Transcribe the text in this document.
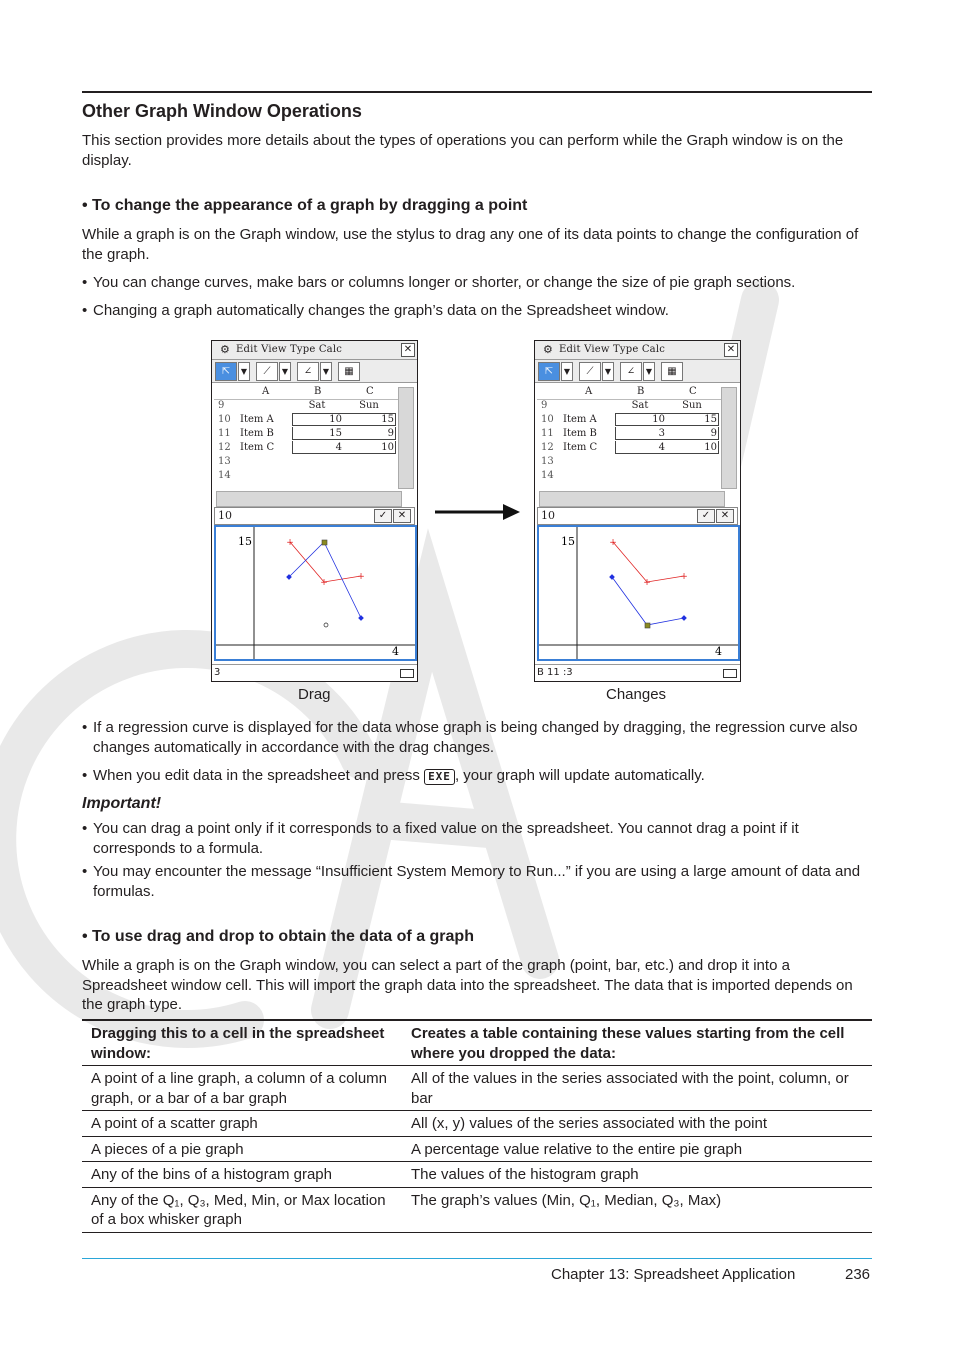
Other Graph Window Operations

This section provides more details about the types of operations you can perform while the Graph window is on the display.

• To change the appearance of a graph by dragging a point

While a graph is on the Graph window, use the stylus to drag any one of its data points to change the configuration of the graph.

• You can change curves, make bars or columns longer or shorter, or change the size of pie graph sections.
• Changing a graph automatically changes the graph’s data on the Spreadsheet window.
⚙ Edit View Type Calc	✕
⇱	▼	⟋	▼	∠	▼	▦
A	B	C
9	Sat	Sun
10 Item A	10	15
11 Item B	15	9
12 Item C	4	10
13
14
10	✓	✕
15
4
+
+
+
3
Drag
⚙ Edit View Type Calc	✕
⇱	▼	⟋	▼	∠	▼	▦
A	B	C
9	Sat	Sun
10 Item A	10	15
11 Item B	3	9
12 Item C	4	10
13
14
10	✓	✕
15
4
+
+
+
B 11 :3
Changes
• If a regression curve is displayed for the data whose graph is being changed by dragging, the regression curve also changes automatically in accordance with the drag changes.
• When you edit data in the spreadsheet and press EXE , your graph will update automatically.
Important!
• You can drag a point only if it corresponds to a fixed value on the spreadsheet. You cannot drag a point if it corresponds to a formula.
• You may encounter the message “Insufficient System Memory to Run...” if you are using a large amount of data and formulas.
• To use drag and drop to obtain the data of a graph

While a graph is on the Graph window, you can select a part of the graph (point, bar, etc.) and drop it into a Spreadsheet window cell. This will import the graph data into the spreadsheet. The data that is imported depends on the graph type.

Dragging this to a cell in the spreadsheet window:	Creates a table containing these values starting from the cell where you dropped the data:
A point of a line graph, a column of a column graph, or a bar of a bar graph	All of the values in the series associated with the point, column, or bar
A point of a scatter graph	All (x, y) values of the series associated with the point
A pieces of a pie graph	A percentage value relative to the entire pie graph
Any of the bins of a histogram graph	The values of the histogram graph
Any of the Q₁, Q₃, Med, Min, or Max location of a box whisker graph	The graph’s values (Min, Q₁, Median, Q₃, Max)
Chapter 13: Spreadsheet Application	236
